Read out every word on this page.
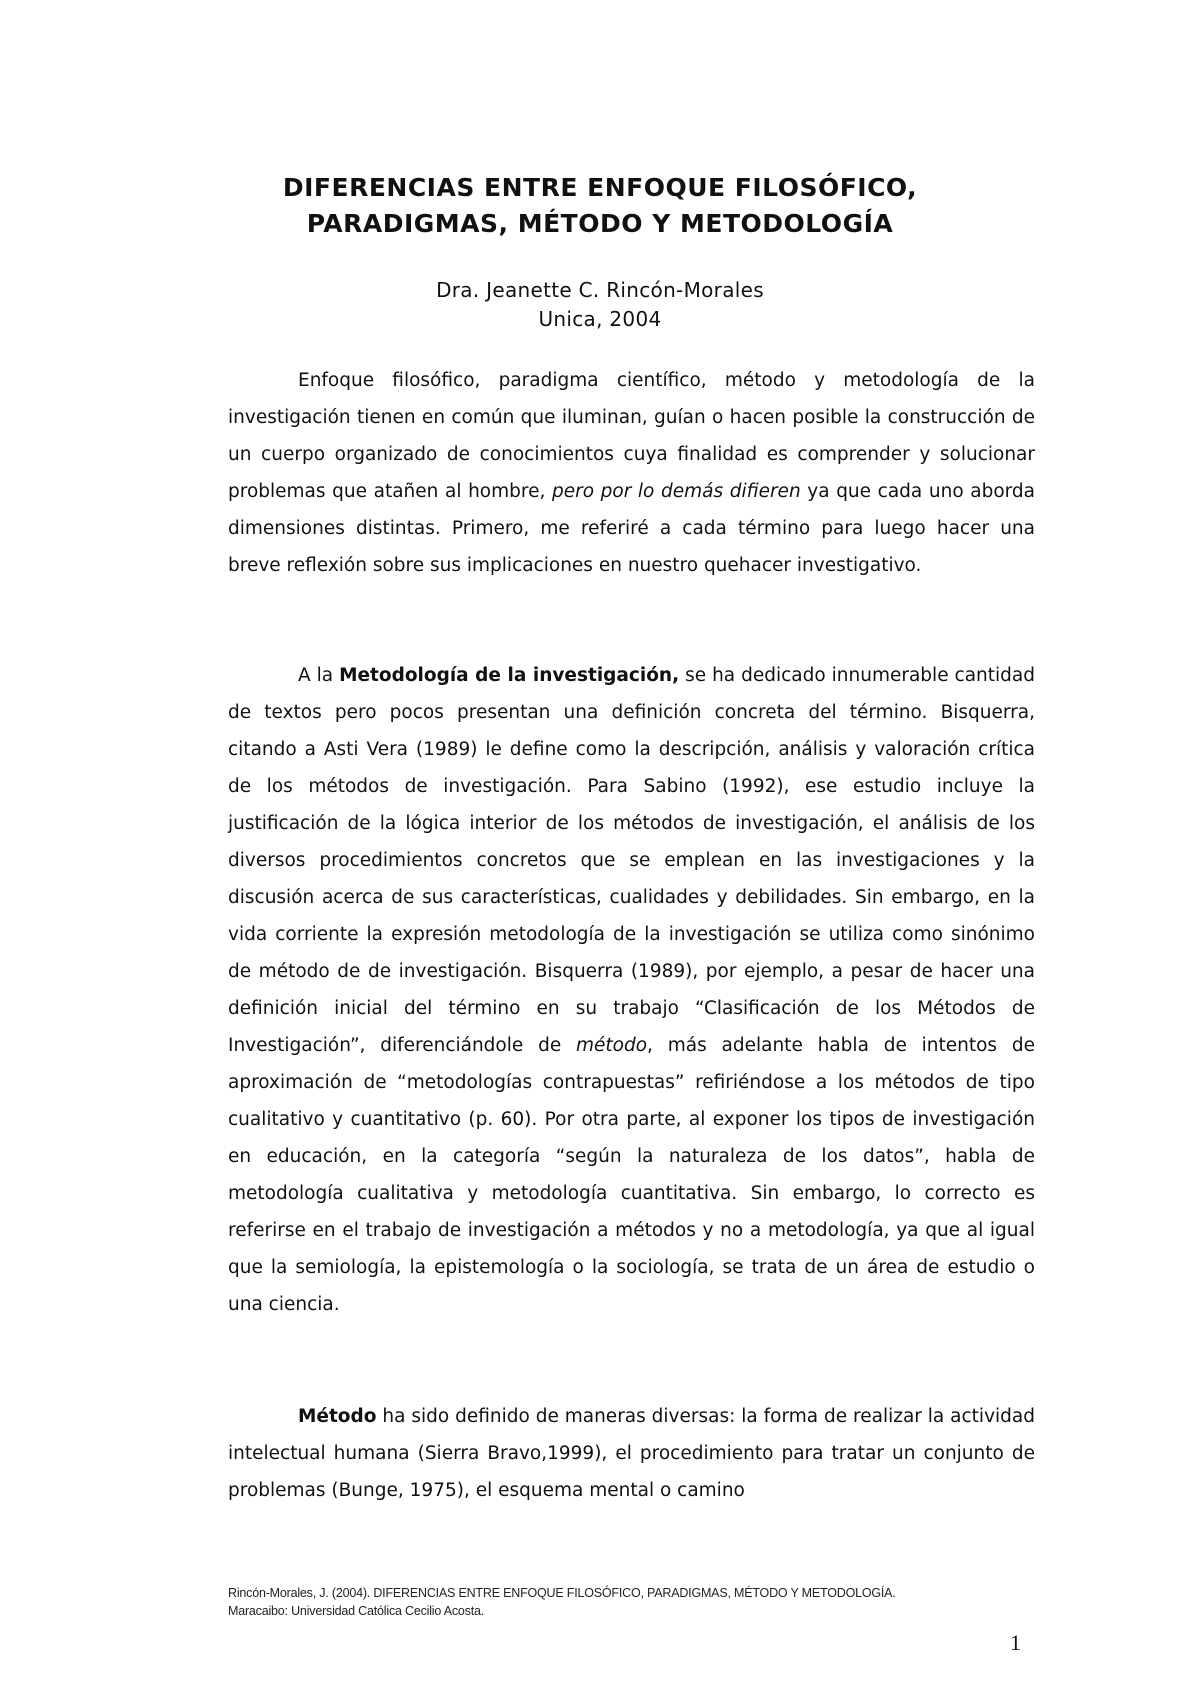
DIFERENCIAS ENTRE ENFOQUE FILOSÓFICO,
PARADIGMAS, MÉTODO Y METODOLOGÍA
Dra. Jeanette C. Rincón-Morales
Unica, 2004
Enfoque filosófico, paradigma científico, método y metodología de la investigación tienen en común que iluminan, guían o hacen posible la construcción de un cuerpo organizado de conocimientos cuya finalidad es comprender y solucionar problemas que atañen al hombre, pero por lo demás difieren ya que cada uno aborda dimensiones distintas. Primero, me referiré a cada término para luego hacer una breve reflexión sobre sus implicaciones en nuestro quehacer investigativo.
A la Metodología de la investigación, se ha dedicado innumerable cantidad de textos pero pocos presentan una definición concreta del término. Bisquerra, citando a Asti Vera (1989) le define como la descripción, análisis y valoración crítica de los métodos de investigación. Para Sabino (1992), ese estudio incluye la justificación de la lógica interior de los métodos de investigación, el análisis de los diversos procedimientos concretos que se emplean en las investigaciones y la discusión acerca de sus características, cualidades y debilidades. Sin embargo, en la vida corriente la expresión metodología de la investigación se utiliza como sinónimo de método de de investigación. Bisquerra (1989), por ejemplo, a pesar de hacer una definición inicial del término en su trabajo “Clasificación de los Métodos de Investigación”, diferenciándole de método, más adelante habla de intentos de aproximación de “metodologías contrapuestas” refiriéndose a los métodos de tipo cualitativo y cuantitativo (p. 60). Por otra parte, al exponer los tipos de investigación en educación, en la categoría “según la naturaleza de los datos”, habla de metodología cualitativa y metodología cuantitativa. Sin embargo, lo correcto es referirse en el trabajo de investigación a métodos y no a metodología, ya que al igual que la semiología, la epistemología o la sociología, se trata de un área de estudio o una ciencia.
Método ha sido definido de maneras diversas: la forma de realizar la actividad intelectual humana (Sierra Bravo,1999), el procedimiento para tratar un conjunto de problemas (Bunge, 1975), el esquema mental o camino
Rincón-Morales, J. (2004). DIFERENCIAS ENTRE ENFOQUE FILOSÓFICO, PARADIGMAS, MÉTODO Y METODOLOGÍA.
Maracaibo: Universidad Católica Cecilio Acosta.
1
